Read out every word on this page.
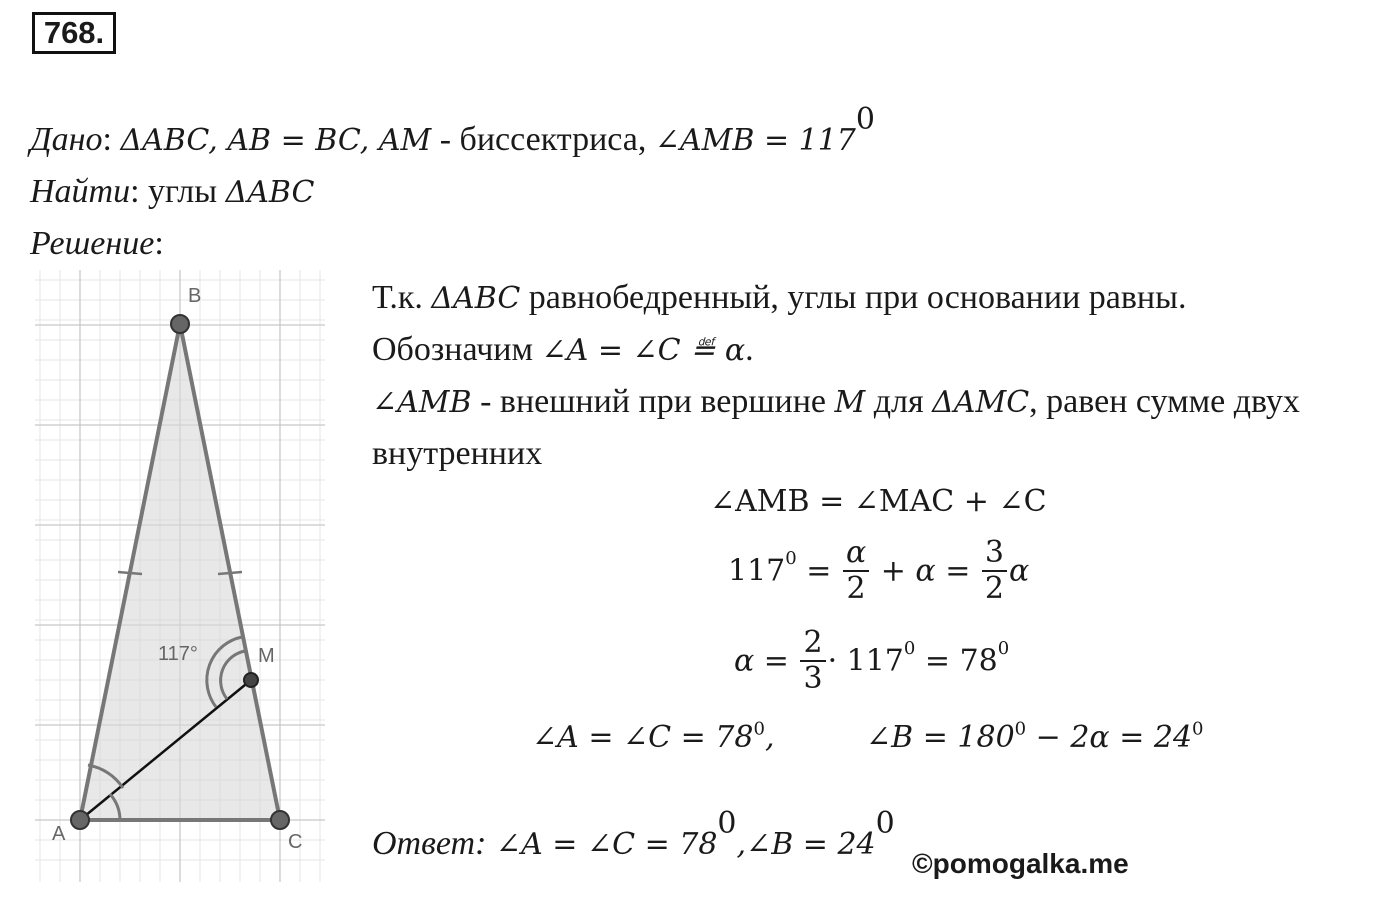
768.
Дано: ΔABC, AB = BC, AM - биссектриса, ∠AMB = $117^0$
Найти: углы ΔABC
Решение:
B
A	C
M
117°
Т.к. ΔABC равнобедренный, углы при основании равны.
Обозначим ∠A = ∠C ≝ α.
∠AMB - внешний при вершине M для ΔAMC, равен сумме двух
внутренних
∠AMB = ∠MAC + ∠C
$117^0 = \frac{\alpha}{2} + \alpha = \frac{3}{2}$ α
$\alpha = \frac{2}{3} \cdot 117^0 = 78^0$
∠A = ∠C = $78^0$,	∠B = $180^0 - 2\alpha = 24^0$
Ответ: ∠A = ∠C = $78^0,\angle B = 24^0$
©pomogalka.me
